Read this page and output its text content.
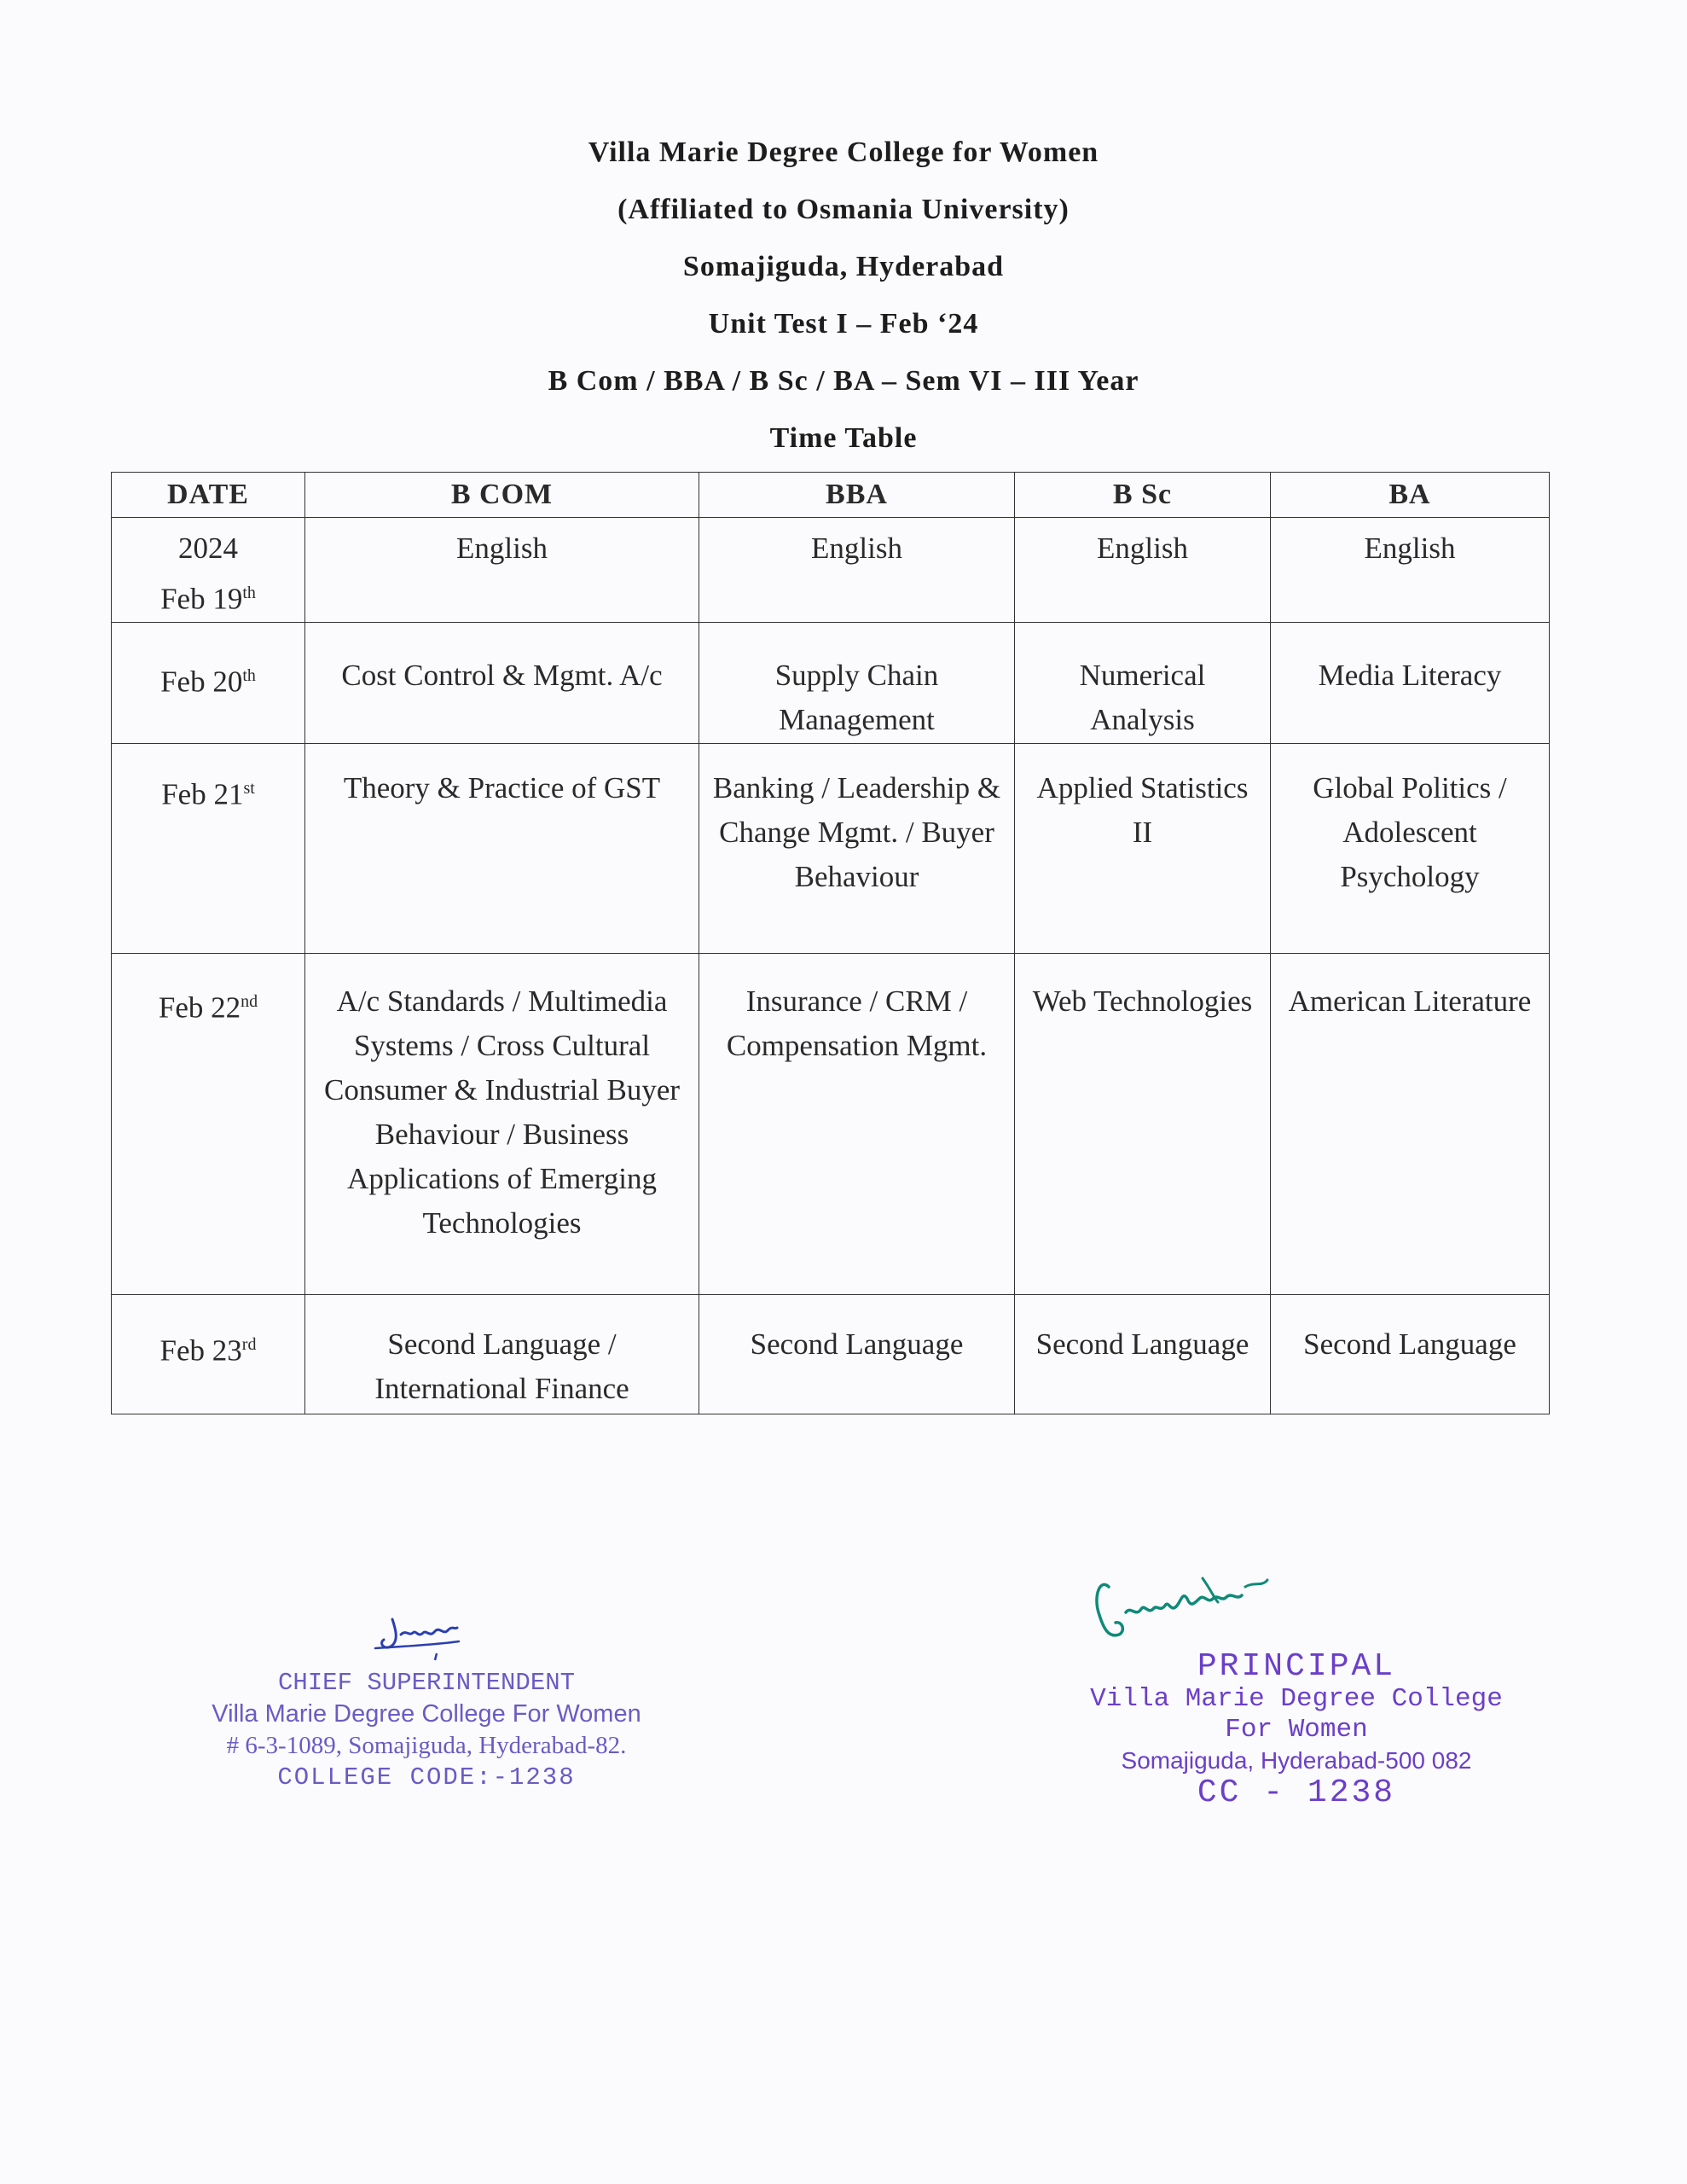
Villa Marie Degree College for Women
(Affiliated to Osmania University)
Somajiguda, Hyderabad
Unit Test I – Feb ‘24
B Com / BBA / B Sc / BA – Sem VI – III Year
Time Table
DATE	B COM	BBA	B Sc	BA

2024
Feb 19th	English	English	English	English
Feb 20th	Cost Control & Mgmt. A/c	Supply Chain Management	Numerical Analysis	Media Literacy
Feb 21st	Theory & Practice of GST	Banking / Leadership & Change Mgmt. / Buyer Behaviour	Applied Statistics II	Global Politics / Adolescent Psychology
Feb 22nd	A/c Standards / Multimedia Systems / Cross Cultural Consumer & Industrial Buyer Behaviour / Business Applications of Emerging Technologies	Insurance / CRM / Compensation Mgmt.	Web Technologies	American Literature
Feb 23rd	Second Language / International Finance	Second Language	Second Language	Second Language
CHIEF SUPERINTENDENT
Villa Marie Degree College For Women
# 6-3-1089, Somajiguda, Hyderabad-82.
COLLEGE CODE:-1238
PRINCIPAL
Villa Marie Degree College
For Women
Somajiguda, Hyderabad-500 082
CC - 1238
